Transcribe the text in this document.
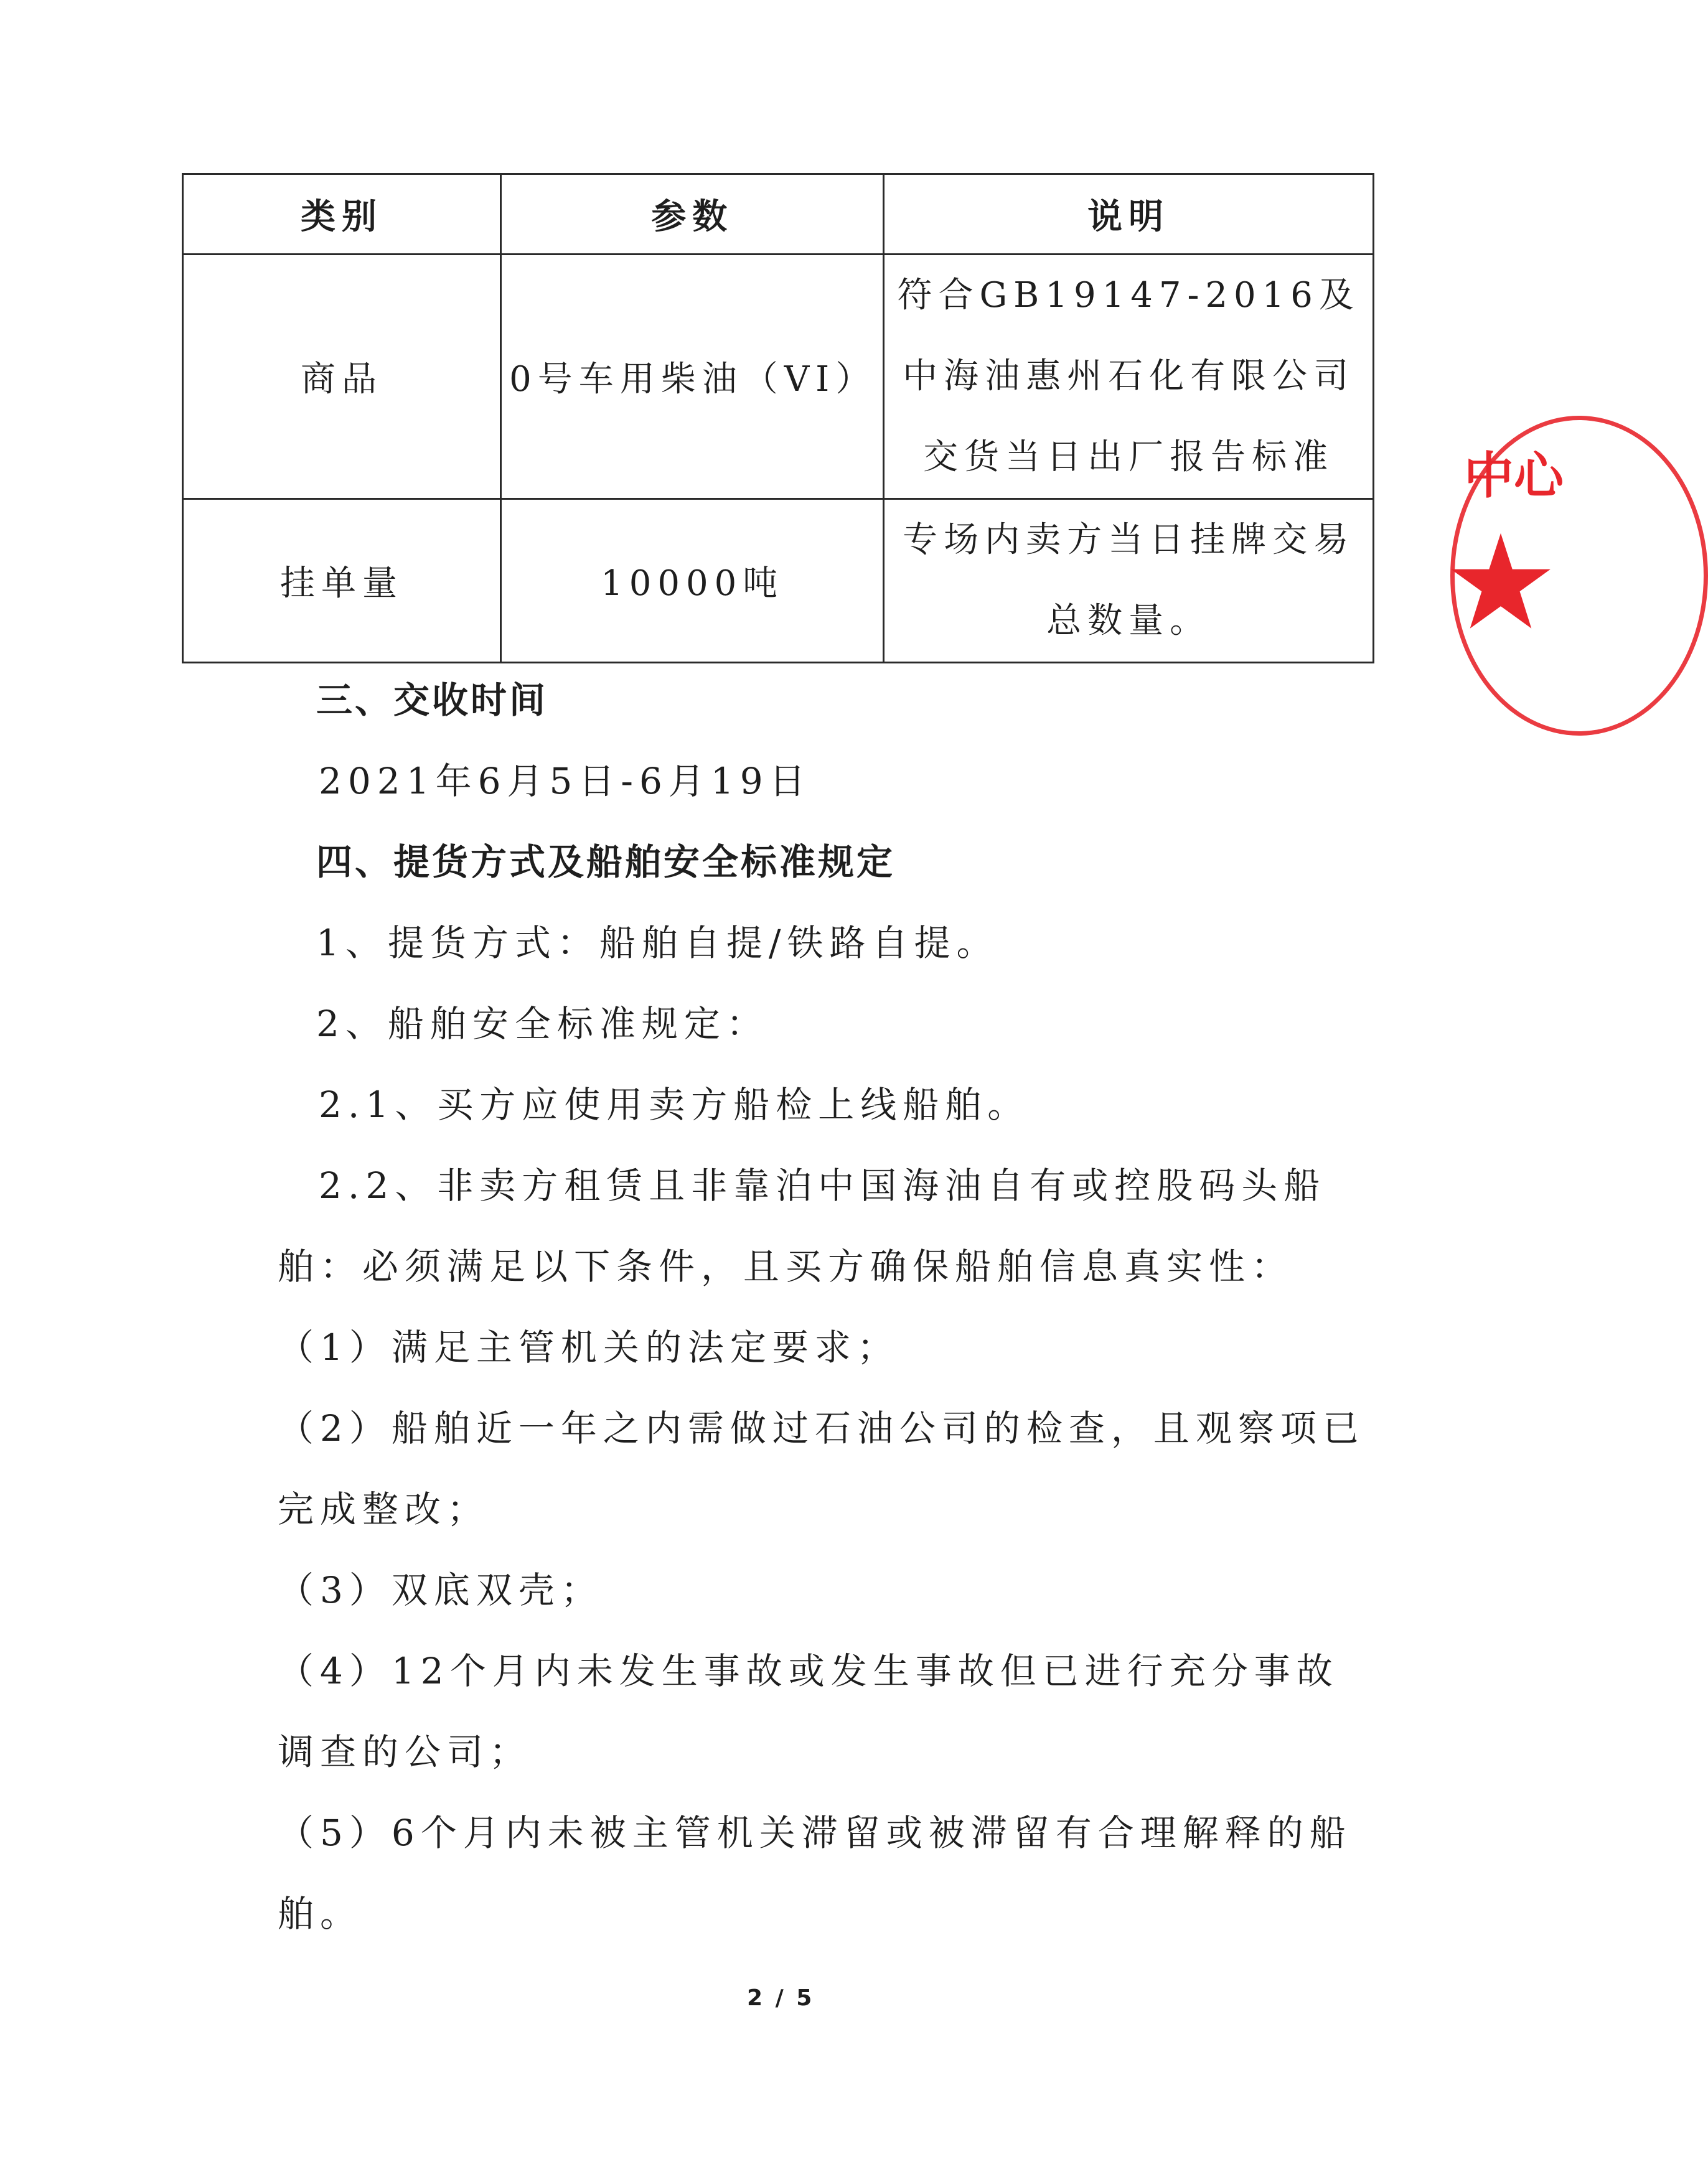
类别	参数	说明
商品	0号车用柴油（VI）	符合GB19147-2016及
中海油惠州石化有限公司
交货当日出厂报告标准

挂单量	10000吨	专场内卖方当日挂牌交易
总数量。
三、交收时间
2021年6月5日-6月19日
四、提货方式及船舶安全标准规定
1、提货方式：船舶自提/铁路自提。
2、船舶安全标准规定：
2.1、买方应使用卖方船检上线船舶。
2.2、非卖方租赁且非靠泊中国海油自有或控股码头船
舶：必须满足以下条件，且买方确保船舶信息真实性：
（1）满足主管机关的法定要求；
（2）船舶近一年之内需做过石油公司的检查，且观察项已
完成整改；
（3）双底双壳；
（4）12个月内未发生事故或发生事故但已进行充分事故
调查的公司；
（5）6个月内未被主管机关滞留或被滞留有合理解释的船
舶。
2 / 5
中心
